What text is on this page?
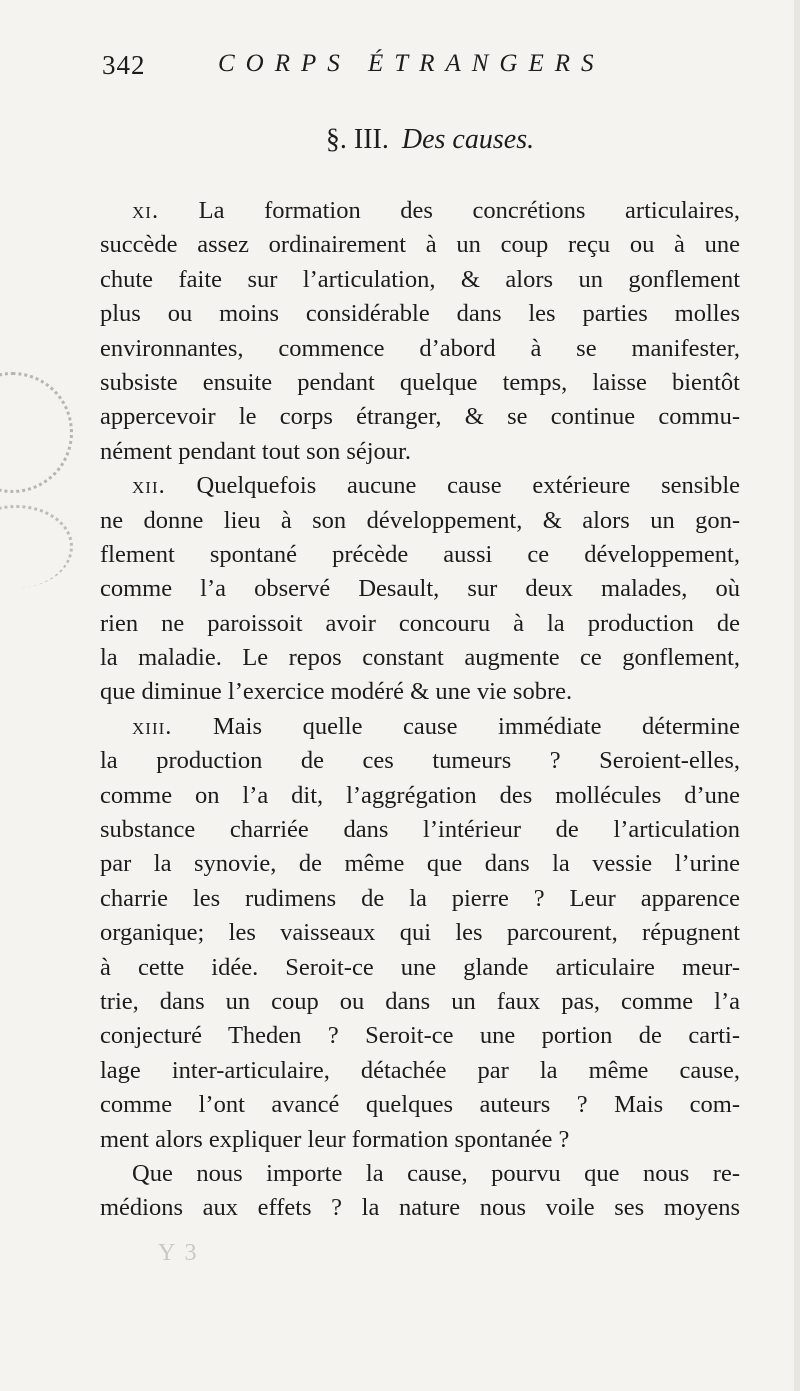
342	CORPS ÉTRANGERS
§. III. Des causes.
xi. La formation des concrétions articulaires,
succède assez ordinairement à un coup reçu ou à une
chute faite sur l’articulation, & alors un gonflement
plus ou moins considérable dans les parties molles
environnantes, commence d’abord à se manifester,
subsiste ensuite pendant quelque temps, laisse bientôt
appercevoir le corps étranger, & se continue commu-
nément pendant tout son séjour.
xii. Quelquefois aucune cause extérieure sensible
ne donne lieu à son développement, & alors un gon-
flement spontané précède aussi ce développement,
comme l’a observé Desault, sur deux malades, où
rien ne paroissoit avoir concouru à la production de
la maladie. Le repos constant augmente ce gonflement,
que diminue l’exercice modéré & une vie sobre.
xiii. Mais quelle cause immédiate détermine
la production de ces tumeurs ? Seroient-elles,
comme on l’a dit, l’aggrégation des mollécules d’une
substance charriée dans l’intérieur de l’articulation
par la synovie, de même que dans la vessie l’urine
charrie les rudimens de la pierre ? Leur apparence
organique; les vaisseaux qui les parcourent, répugnent
à cette idée. Seroit-ce une glande articulaire meur-
trie, dans un coup ou dans un faux pas, comme l’a
conjecturé Theden ? Seroit-ce une portion de carti-
lage inter-articulaire, détachée par la même cause,
comme l’ont avancé quelques auteurs ? Mais com-
ment alors expliquer leur formation spontanée ?
Que nous importe la cause, pourvu que nous re-
médions aux effets ? la nature nous voile ses moyens
Y 3
